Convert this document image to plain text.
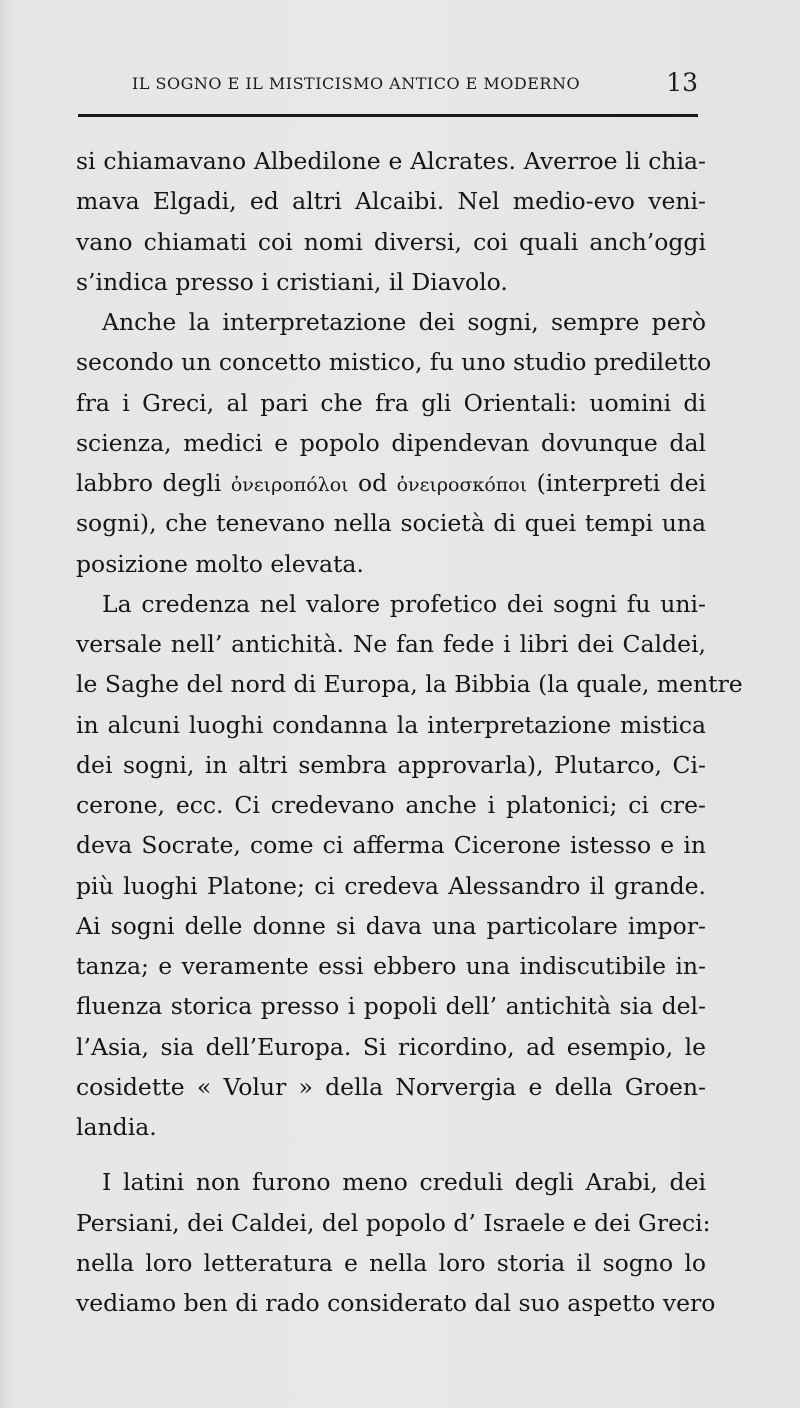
IL SOGNO E IL MISTICISMO ANTICO E MODERNO	13
si chiamavano Albedilone e Alcrates. Averroe li chia-
mava Elgadi, ed altri Alcaibi. Nel medio-evo veni-
vano chiamati coi nomi diversi, coi quali anch’oggi
s’indica presso i cristiani, il Diavolo.
Anche la interpretazione dei sogni, sempre però
secondo un concetto mistico, fu uno studio prediletto
fra i Greci, al pari che fra gli Orientali: uomini di
scienza, medici e popolo dipendevan dovunque dal
labbro degli ὀνειροπόλοι od ὀνειροσκόποι (interpreti dei
sogni), che tenevano nella società di quei tempi una
posizione molto elevata.
La credenza nel valore profetico dei sogni fu uni-
versale nell’ antichità. Ne fan fede i libri dei Caldei,
le Saghe del nord di Europa, la Bibbia (la quale, mentre
in alcuni luoghi condanna la interpretazione mistica
dei sogni, in altri sembra approvarla), Plutarco, Ci-
cerone, ecc. Ci credevano anche i platonici; ci cre-
deva Socrate, come ci afferma Cicerone istesso e in
più luoghi Platone; ci credeva Alessandro il grande.
Ai sogni delle donne si dava una particolare impor-
tanza; e veramente essi ebbero una indiscutibile in-
fluenza storica presso i popoli dell’ antichità sia del-
l’Asia, sia dell’Europa. Si ricordino, ad esempio, le
cosidette « Volur » della Norvergia e della Groen-
landia.
I latini non furono meno creduli degli Arabi, dei
Persiani, dei Caldei, del popolo d’ Israele e dei Greci:
nella loro letteratura e nella loro storia il sogno lo
vediamo ben di rado considerato dal suo aspetto vero
